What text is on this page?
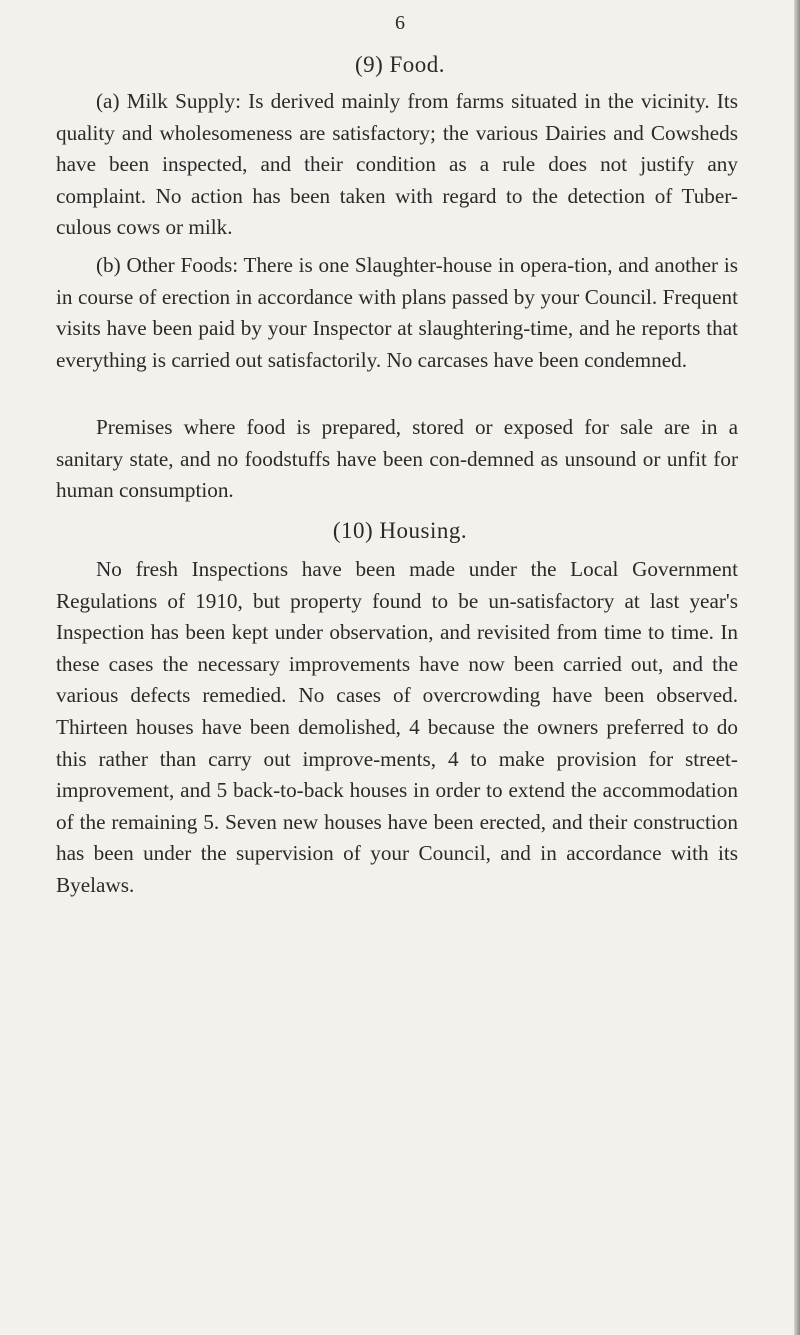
6
(9) Food.

(a) Milk Supply: Is derived mainly from farms situated in the vicinity. Its quality and wholesomeness are satisfactory; the various Dairies and Cowsheds have been inspected, and their condition as a rule does not justify any complaint. No action has been taken with regard to the detection of Tuber-culous cows or milk.

(b) Other Foods: There is one Slaughter-house in opera-tion, and another is in course of erection in accordance with plans passed by your Council. Frequent visits have been paid by your Inspector at slaughtering-time, and he reports that everything is carried out satisfactorily. No carcases have been condemned.

Premises where food is prepared, stored or exposed for sale are in a sanitary state, and no foodstuffs have been con-demned as unsound or unfit for human consumption.

(10) Housing.

No fresh Inspections have been made under the Local Government Regulations of 1910, but property found to be un-satisfactory at last year's Inspection has been kept under observation, and revisited from time to time. In these cases the necessary improvements have now been carried out, and the various defects remedied. No cases of overcrowding have been observed. Thirteen houses have been demolished, 4 because the owners preferred to do this rather than carry out improve-ments, 4 to make provision for street-improvement, and 5 back-to-back houses in order to extend the accommodation of the remaining 5. Seven new houses have been erected, and their construction has been under the supervision of your Council, and in accordance with its Byelaws.
